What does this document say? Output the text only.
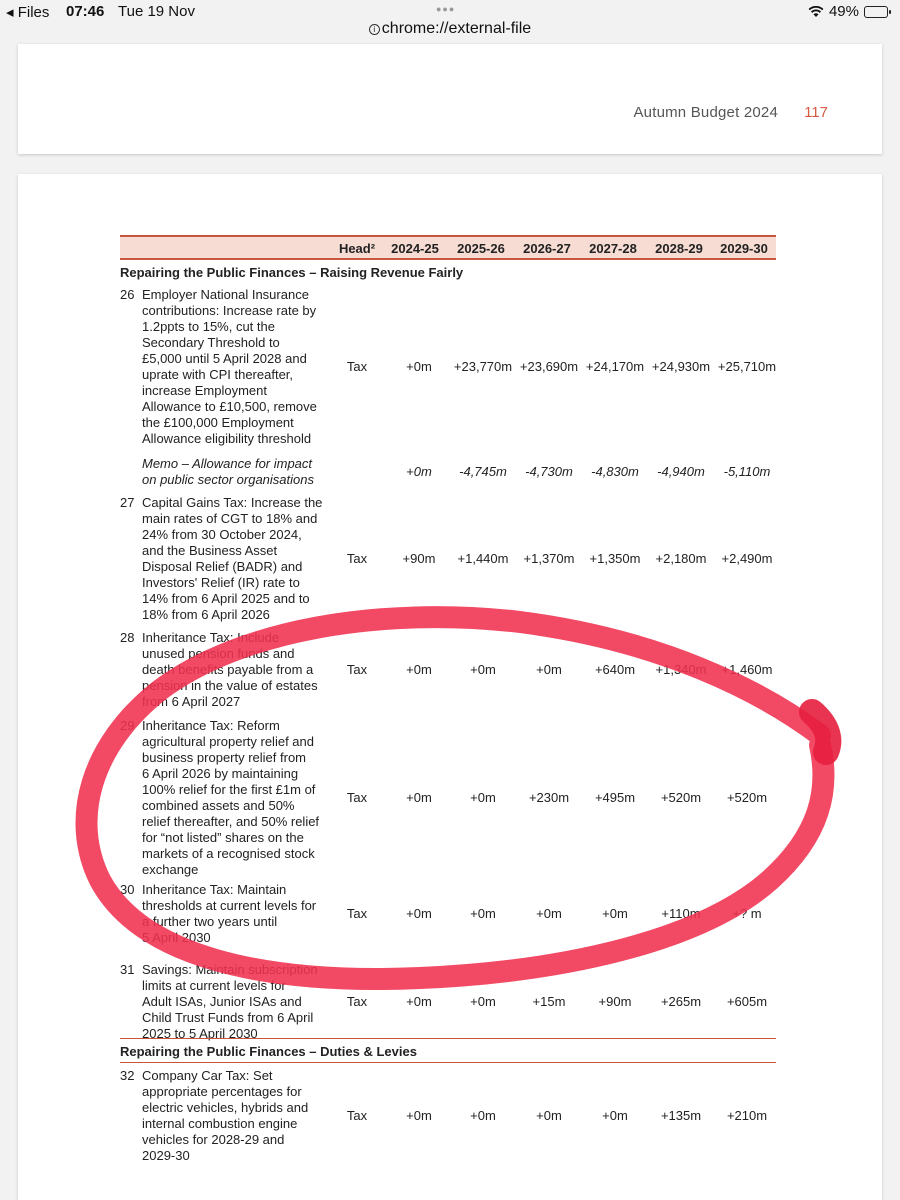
◂ Files 07:46 Tue 19 Nov	●●●	49%
i chrome://external-file
Autumn Budget 2024 117
Head²	2024-25	2025-26	2026-27	2027-28	2028-29	2029-30
Repairing the Public Finances – Raising Revenue Fairly
26 Employer National Insurance
contributions: Increase rate by
1.2ppts to 15%, cut the
Secondary Threshold to
£5,000 until 5 April 2028 and
uprate with CPI thereafter,
increase Employment
Allowance to £10,500, remove
the £100,000 Employment
Allowance eligibility threshold
Tax	+0m	+23,770m +23,690m +24,170m +24,930m +25,710m
Memo – Allowance for impact
on public sector organisations
+0m	-4,745m	-4,730m	-4,830m	-4,940m	-5,110m
27 Capital Gains Tax: Increase the
main rates of CGT to 18% and
24% from 30 October 2024,
and the Business Asset
Disposal Relief (BADR) and
Investors' Relief (IR) rate to
14% from 6 April 2025 and to
18% from 6 April 2026
Tax	+90m	+1,440m	+1,370m	+1,350m	+2,180m	+2,490m
28 Inheritance Tax: Include
unused pension funds and
death benefits payable from a
pension in the value of estates
from 6 April 2027
Tax	+0m	+0m	+0m	+640m	+1,340m	+1,460m
29 Inheritance Tax: Reform
agricultural property relief and
business property relief from
6 April 2026 by maintaining
100% relief for the first £1m of
combined assets and 50%
relief thereafter, and 50% relief
for “not listed” shares on the
markets of a recognised stock
exchange
Tax	+0m	+0m	+230m	+495m	+520m	+520m
30 Inheritance Tax: Maintain
thresholds at current levels for
a further two years until
5 April 2030
Tax	+0m	+0m	+0m	+0m	+110m	+? m
31 Savings: Maintain subscription
limits at current levels for
Adult ISAs, Junior ISAs and
Child Trust Funds from 6 April
2025 to 5 April 2030
Tax	+0m	+0m	+15m	+90m	+265m	+605m
32 Company Car Tax: Set
appropriate percentages for
electric vehicles, hybrids and
internal combustion engine
vehicles for 2028-29 and
2029-30
Tax	+0m	+0m	+0m	+0m	+135m	+210m
Repairing the Public Finances – Duties & Levies
